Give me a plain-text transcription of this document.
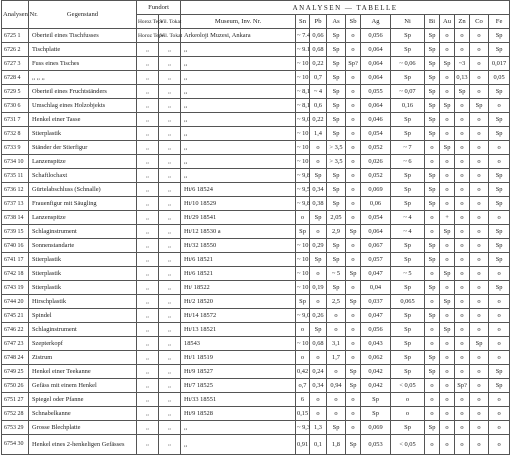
Analysen Nr.	Gegenstand	Fundort		ANALYSEN — TABELLE											
		Horoz Tepe	Vil. Tokat	Museum, Inv. Nr.	Sn	Pb	As	Sb	Ag	Ni	Bi	Au	Zn	Co	Fe
6725 1	Oberteil eines Tischfusses	Horoz Tepe	Vil. Tokat	Arkeoloji Muzesi, Ankara	~ 7.4	0,66	Sp	o	0,056	Sp	Sp	o	o	o	Sp
6726 2	Tischplatte	,,	,,	,,	~ 9.1	0,68	Sp	o	0,064	Sp	Sp	o	o	o	Sp
6727 3	Fuss eines Tisches	,,	,,	,,	~ 10	0,22	Sp	Sp?	0,064	~ 0,06	Sp	Sp	~3	o	0,017
6728 4	,, ,, ,,	,,	,,	,,	~ 10	0,7	Sp	o	0,064	Sp	Sp	o	0,13	o	0,05
6729 5	Oberteil eines Fruchtständers	,,	,,	,,	~ 8,1	~ 4	Sp	o	0,055	~ 0,07	Sp	o	Sp	o	Sp
6730 6	Umschlag eines Holzobjekts	,,	,,	,,	~ 8,1	0,6	Sp	o	0,064	0,16	Sp	Sp	o	Sp	o
6731 7	Henkel einer Tasse	,,	,,	,,	~ 9,0	0,22	Sp	o	0,046	Sp	Sp	o	o	o	Sp
6732 8	Stierplastik	,,	,,	,,	~ 10	1,4	Sp	o	0,054	Sp	Sp	o	o	o	Sp
6733 9	Ständer der Stierfigur	,,	,,	,,	~ 10	o	> 3,5	o	0,052	~ 7	o	Sp	o	o	o
6734 10	Lanzenspitze	,,	,,	,,	~ 10	o	> 3,5	o	0,026	~ 6	o	o	o	o	o
6735 11	Schaftlochaxt	,,	,,	,,	~ 9,8	Sp	Sp	o	0,052	Sp	Sp	o	o	o	Sp
6736 12	Gürtelabschluss (Schnalle)	,,	,,	Ht/6 18524	~ 9,5	0,34	Sp	o	0,069	Sp	Sp	o	o	o	Sp
6737 13	Frauenfigur mit Säugling	,,	,,	Ht/10 18529	~ 9,8	0,38	Sp	o	0,06	Sp	Sp	o	o	o	Sp
6738 14	Lanzenspitze	,,	,,	Ht/29 18541	o	Sp	2,05	o	0,054	~ 4	o	+	o	o	o
6739 15	Schlaginstrument	,,	,,	Ht/12 18530 a	Sp	o	2,9	Sp	0,064	~ 4	o	Sp	o	o	Sp
6740 16	Sonnenstandarte	,,	,,	Ht/32 18550	~ 10	0,29	Sp	o	0,067	Sp	Sp	o	o	o	Sp
6741 17	Stierplastik	,,	,,	Ht/6 18521	~ 10	Sp	Sp	o	0,057	Sp	Sp	o	o	o	Sp
6742 18	Stierplastik	,,	,,	Ht/6 18521	~ 10	o	~ 5	Sp	0,047	~ 5	o	Sp	o	o	o
6743 19	Stierplastik	,,	,,	Ht/ 18522	~ 10	0,19	Sp	o	0,04	Sp	Sp	o	o	o	Sp
6744 20	Hirschplastik	,,	,,	Ht/2 18520	Sp	o	2,5	Sp	0,037	0,065	o	Sp	o	o	o
6745 21	Spindel	,,	,,	Ht/14 18572	~ 9,0	0,26	o	o	0,047	Sp	Sp	o	o	o	o
6746 22	Schlaginstrument	,,	,,	Ht/13 18521	o	Sp	o	o	0,056	Sp	o	Sp	o	o	o
6747 23	Szepterkopf	,,	,,	18543	~ 10	0,68	3,1	o	0,043	Sp	o	o	o	Sp	o
6748 24	Zistrum	,,	,,	Ht/1 18519	o	o	1,7	o	0,062	Sp	Sp	o	o	o	o
6749 25	Henkel einer Teekanne	,,	,,	Ht/9 18527	0,42	0,24	o	Sp	0,042	Sp	Sp	o	o	o	Sp
6750 26	Gefäss mit einem Henkel	,,	,,	Ht/7 18525	o,7	0,34	0,94	Sp	0,042	< 0,05	o	o	Sp?	o	Sp
6751 27	Spiegel oder Pfanne	,,	,,	Ht/33 18551	6	o	o	o	Sp	o	o	o	o	o	o
6752 28	Schnabelkanne	,,	,,	Ht/9 18528	0,15	o	o	o	Sp	o	o	o	o	o	o
6753 29	Grosse Blechplatte	,,	,,	,,	~ 9,3	1,3	Sp	o	0,069	Sp	Sp	o	o	o	o
6754 30	Henkel eines 2-henkeligen Gefässes	,,	,,	,,	0,91	0,1	1,8	Sp	0,053	< 0,05	o	o	o	o	o
